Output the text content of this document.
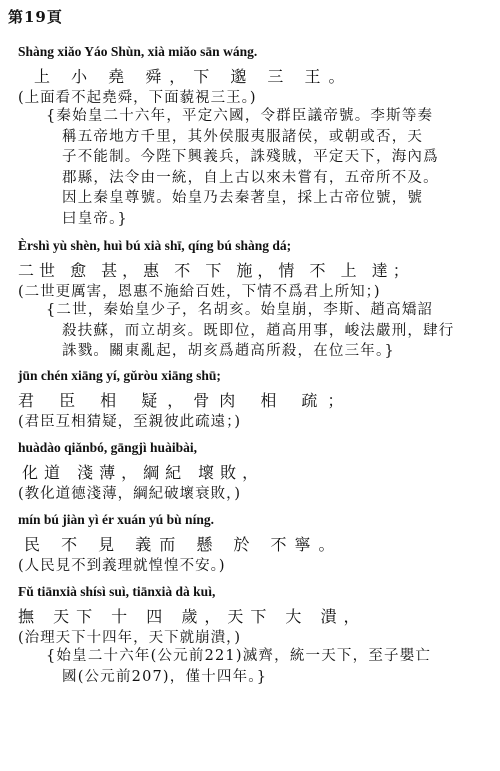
第19頁
Shàng xiǎo Yáo Shùn, xià miǎo sān wáng.
上 小 堯 舜，下 邈 三 王。
(上面看不起堯舜，下面藐視三王。)
{秦始皇二十六年，平定六國，令群臣議帝號。李斯等奏
稱五帝地方千里，其外侯服夷服諸侯，或朝或否，天
子不能制。今陛下興義兵，誅殘賊，平定天下，海內爲
郡縣，法令由一統，自上古以來未嘗有，五帝所不及。
因上秦皇尊號。始皇乃去秦著皇，採上古帝位號，號
曰皇帝。}
Èrshì yù shèn, huì bú xià shī, qíng bú shàng dá;
二世 愈 甚，惠 不 下 施，情 不 上 達；
(二世更厲害，恩惠不施給百姓，下情不爲君上所知；)
{二世，秦始皇少子，名胡亥。始皇崩，李斯、趙高矯詔
殺扶蘇，而立胡亥。既即位，趙高用事，峻法嚴刑，肆行
誅戮。關東亂起，胡亥爲趙高所殺，在位三年。}
jūn chén xiāng yí, gǔròu xiāng shū;
君 臣 相 疑，骨肉 相 疏；
(君臣互相猜疑，至親彼此疏遠；)
huàdào qiǎnbó, gāngjì huàibài,
化道 淺薄，綱紀 壞敗，
(教化道德淺薄，綱紀破壞衰敗，)
mín bú jiàn yì ér xuán yú bù níng.
民 不 見 義而 懸 於 不寧。
(人民見不到義理就惶惶不安。)
Fǔ tiānxià shísì suì, tiānxià dà kuì,
撫 天下 十 四 歲，天下 大 潰，
(治理天下十四年，天下就崩潰，)
{始皇二十六年(公元前221)滅齊，統一天下，至子嬰亡
國(公元前207)，僅十四年。}
